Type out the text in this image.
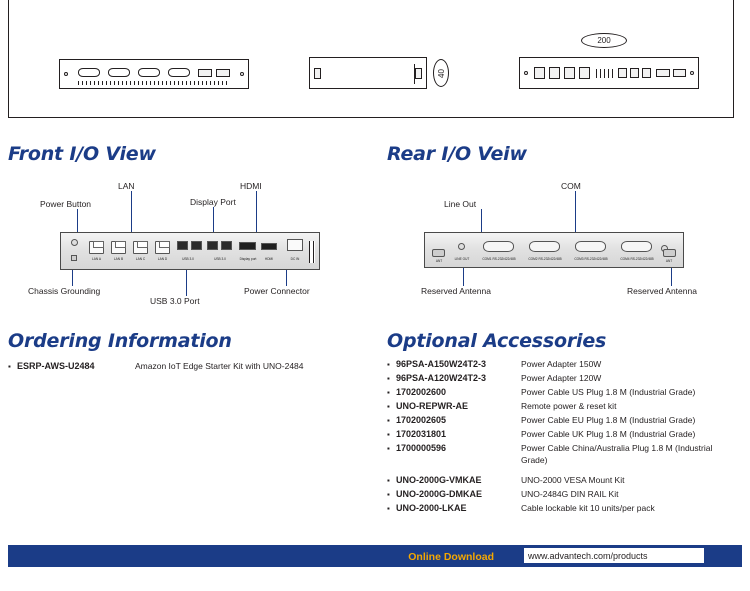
40
200
Front I/O View
Power Button
LAN
Display Port
HDMI
Chassis Grounding
USB 3.0 Port
Power Connector
LAN A	LAN B	LAN C	LAN D	USB 3.0	USB 3.0	Display port	HDMI	DC IN
Rear I/O Veiw
Line Out
COM
Reserved Antenna	Reserved Antenna
ANT	LINE OUT	COM1 RS-232/422/485	COM2 RS-232/422/485	COM3 RS-232/422/485	COM4 RS-232/422/485	ANT
Ordering Information
▪ ESRP-AWS-U2484	Amazon IoT Edge Starter Kit with UNO-2484
Optional Accessories
▪ 96PSA-A150W24T2-3	Power Adapter 150W
▪ 96PSA-A120W24T2-3	Power Adapter 120W
▪ 1702002600	Power Cable US Plug 1.8 M (Industrial Grade)
▪ UNO-REPWR-AE	Remote power & reset kit
▪ 1702002605	Power Cable EU Plug 1.8 M (Industrial Grade)
▪ 1702031801	Power Cable UK Plug 1.8 M (Industrial Grade)
▪ 1700000596	Power Cable China/Australia Plug 1.8 M (Industrial Grade)
▪ UNO-2000G-VMKAE	UNO-2000 VESA Mount Kit
▪ UNO-2000G-DMKAE	UNO-2484G DIN RAIL Kit
▪ UNO-2000-LKAE	Cable lockable kit 10 units/per pack
Online Download	www.advantech.com/products
